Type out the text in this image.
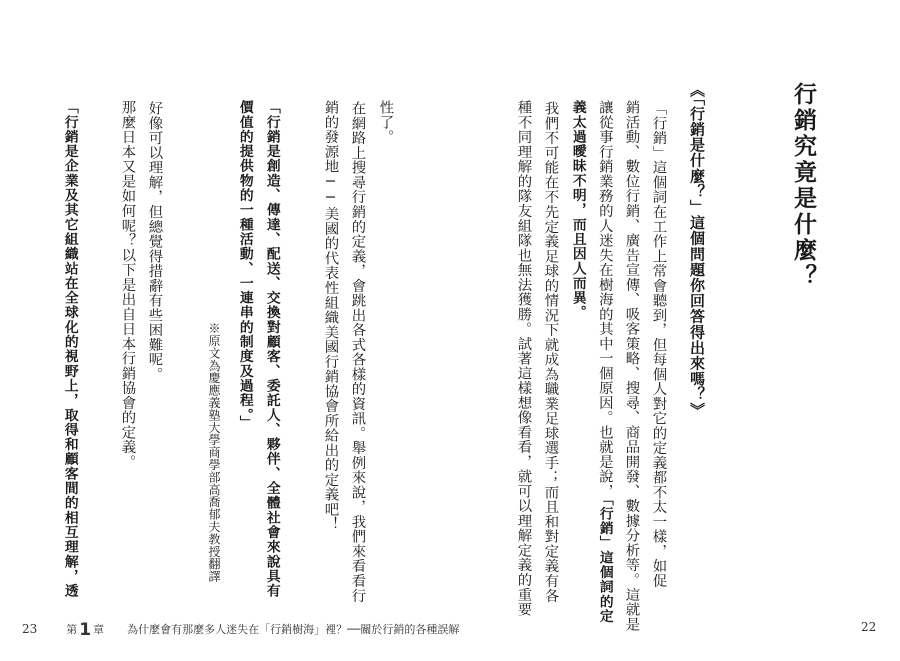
行銷究竟是什麼？
《「行銷是什麼？」這個問題你回答得出來嗎？》
「行銷」這個詞在工作上常會聽到，但每個人對它的定義都不太一樣，如促
銷活動、數位行銷、廣告宣傳、吸客策略、搜尋、商品開發、數據分析等。這就是
讓從事行銷業務的人迷失在樹海的其中一個原因。也就是說，「行銷」這個詞的定
義太過曖昧不明，而且因人而異。
我們不可能在不先定義足球的情況下就成為職業足球選手；而且和對定義有各
種不同理解的隊友組隊也無法獲勝。試著這樣想像看看，就可以理解定義的重要
性了。
在網路上搜尋行銷的定義，會跳出各式各樣的資訊。舉例來說，我們來看看行
銷的發源地──美國的代表性組織美國行銷協會所給出的定義吧！
「行銷是創造、傳達、配送、交換對顧客、委託人、夥伴、全體社會來說具有
價值的提供物的一種活動、一連串的制度及過程。」
※原文為慶應義塾大學商學部高喬郁夫教授翻譯
好像可以理解，但總覺得措辭有些困難呢。
那麼日本又是如何呢？以下是出自日本行銷協會的定義。
「行銷是企業及其它組織站在全球化的視野上，取得和顧客間的相互理解，透
23	第 1 章 為什麼會有那麼多人迷失在「行銷樹海」裡？──關於行銷的各種誤解	22
